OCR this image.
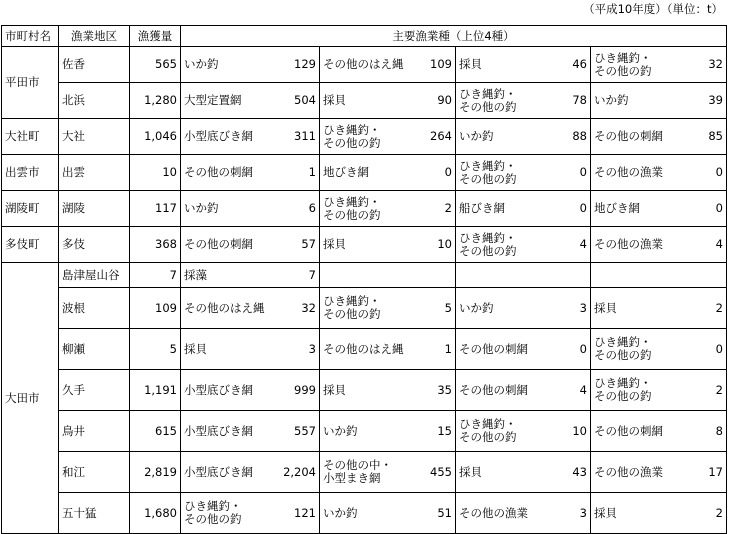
（平成10年度）（単位：t）
市町村名	漁業地区	漁獲量	主要漁業種（上位4種）							
平田市	佐香	565	いか釣	129	その他のはえ縄	109	採貝	46	ひき縄釣・
その他の釣	32
	北浜	1,280	大型定置網	504	採貝	90	ひき縄釣・
その他の釣	78	いか釣	39
大社町	大社	1,046	小型底びき網	311	ひき縄釣・
その他の釣	264	いか釣	88	その他の刺網	85
出雲市	出雲	10	その他の刺網	1	地びき網	0	ひき縄釣・
その他の釣	0	その他の漁業	0
湖陵町	湖陵	117	いか釣	6	ひき縄釣・
その他の釣	2	船びき網	0	地びき網	0
多伎町	多伎	368	その他の刺網	57	採貝	10	ひき縄釣・
その他の釣	4	その他の漁業	4
大田市	島津屋山谷	7	採藻	7	

	波根	109	その他のはえ縄	32	ひき縄釣・
その他の釣	5	いか釣	3	採貝	2
	柳瀬	5	採貝	3	その他のはえ縄	1	その他の刺網	0	ひき縄釣・
その他の釣	0
	久手	1,191	小型底びき網	999	採貝	35	その他の刺網	4	ひき縄釣・
その他の釣	2
	鳥井	615	小型底びき網	557	いか釣	15	ひき縄釣・
その他の釣	10	その他の刺網	8
	和江	2,819	小型底びき網	2,204	その他の中・
小型まき網	455	採貝	43	その他の漁業	17
	五十猛	1,680	ひき縄釣・
その他の釣	121	いか釣	51	その他の漁業	3	採貝	2
